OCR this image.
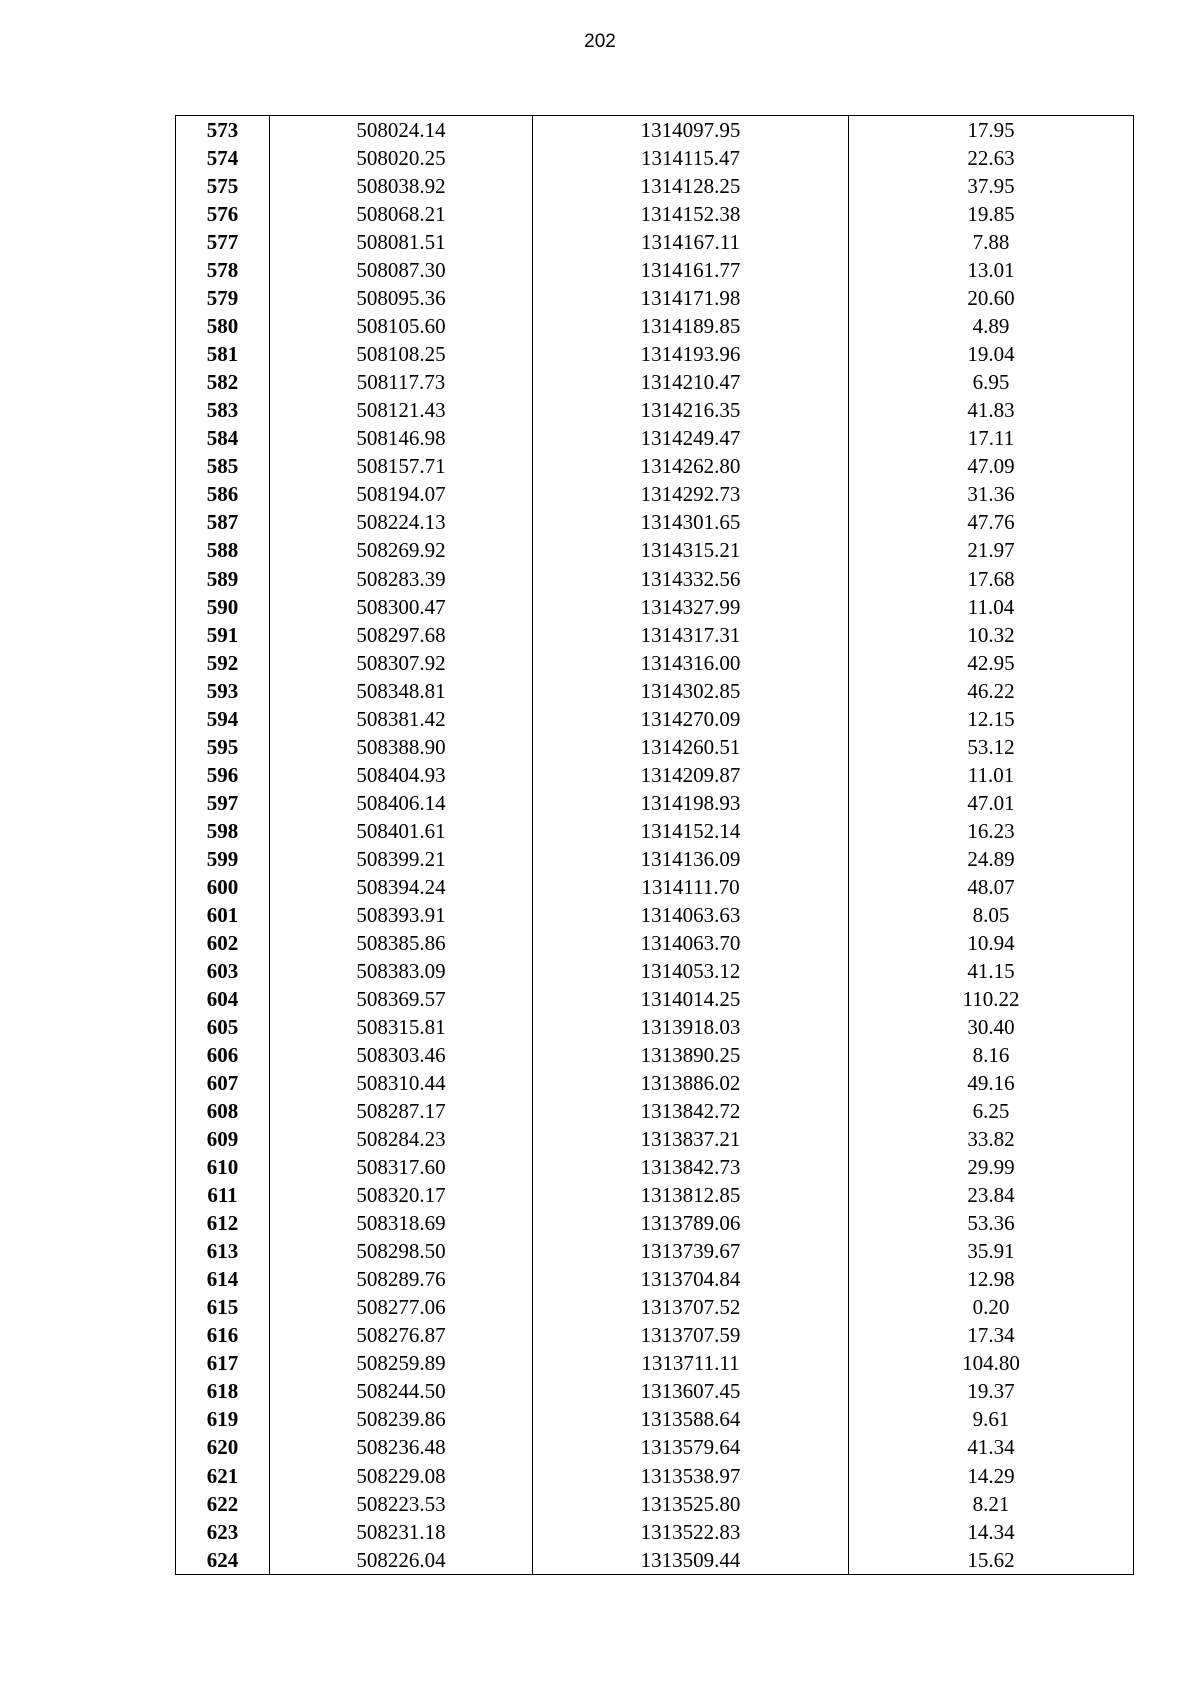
202
573	508024.14	1314097.95	17.95
574	508020.25	1314115.47	22.63
575	508038.92	1314128.25	37.95
576	508068.21	1314152.38	19.85
577	508081.51	1314167.11	7.88
578	508087.30	1314161.77	13.01
579	508095.36	1314171.98	20.60
580	508105.60	1314189.85	4.89
581	508108.25	1314193.96	19.04
582	508117.73	1314210.47	6.95
583	508121.43	1314216.35	41.83
584	508146.98	1314249.47	17.11
585	508157.71	1314262.80	47.09
586	508194.07	1314292.73	31.36
587	508224.13	1314301.65	47.76
588	508269.92	1314315.21	21.97
589	508283.39	1314332.56	17.68
590	508300.47	1314327.99	11.04
591	508297.68	1314317.31	10.32
592	508307.92	1314316.00	42.95
593	508348.81	1314302.85	46.22
594	508381.42	1314270.09	12.15
595	508388.90	1314260.51	53.12
596	508404.93	1314209.87	11.01
597	508406.14	1314198.93	47.01
598	508401.61	1314152.14	16.23
599	508399.21	1314136.09	24.89
600	508394.24	1314111.70	48.07
601	508393.91	1314063.63	8.05
602	508385.86	1314063.70	10.94
603	508383.09	1314053.12	41.15
604	508369.57	1314014.25	110.22
605	508315.81	1313918.03	30.40
606	508303.46	1313890.25	8.16
607	508310.44	1313886.02	49.16
608	508287.17	1313842.72	6.25
609	508284.23	1313837.21	33.82
610	508317.60	1313842.73	29.99
611	508320.17	1313812.85	23.84
612	508318.69	1313789.06	53.36
613	508298.50	1313739.67	35.91
614	508289.76	1313704.84	12.98
615	508277.06	1313707.52	0.20
616	508276.87	1313707.59	17.34
617	508259.89	1313711.11	104.80
618	508244.50	1313607.45	19.37
619	508239.86	1313588.64	9.61
620	508236.48	1313579.64	41.34
621	508229.08	1313538.97	14.29
622	508223.53	1313525.80	8.21
623	508231.18	1313522.83	14.34
624	508226.04	1313509.44	15.62
